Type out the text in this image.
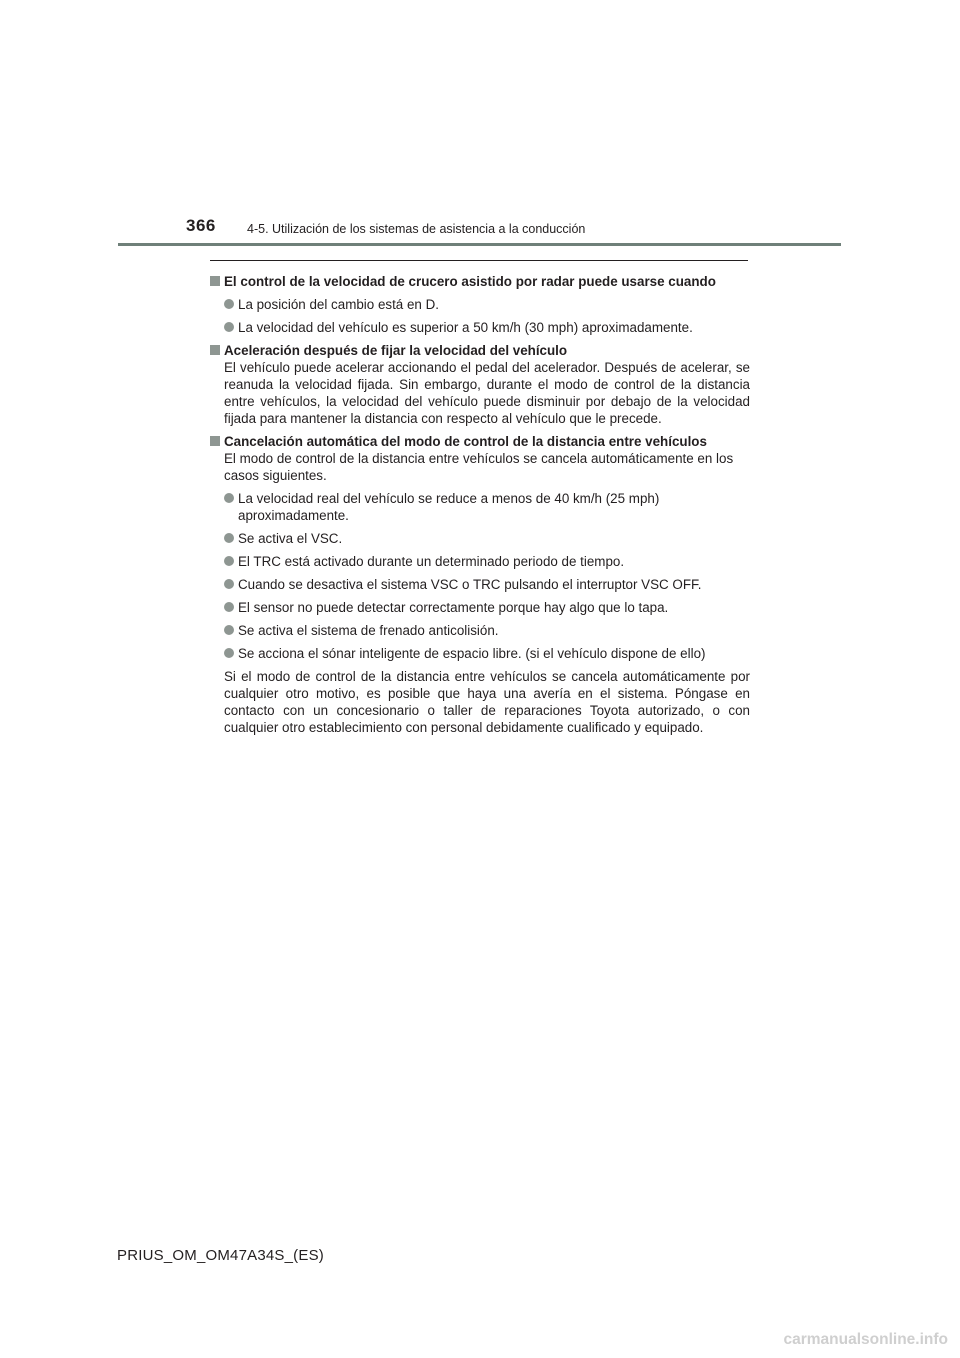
366 4-5. Utilización de los sistemas de asistencia a la conducción
El control de la velocidad de crucero asistido por radar puede usarse cuando
La posición del cambio está en D.
La velocidad del vehículo es superior a 50 km/h (30 mph) aproximadamente.
Aceleración después de fijar la velocidad del vehículo
El vehículo puede acelerar accionando el pedal del acelerador. Después de acelerar, se reanuda la velocidad fijada. Sin embargo, durante el modo de control de la distancia entre vehículos, la velocidad del vehículo puede disminuir por debajo de la velocidad fijada para mantener la distancia con respecto al vehículo que le precede.
Cancelación automática del modo de control de la distancia entre vehículos
El modo de control de la distancia entre vehículos se cancela automáticamente en los casos siguientes.
La velocidad real del vehículo se reduce a menos de 40 km/h (25 mph) aproximadamente.
Se activa el VSC.
El TRC está activado durante un determinado periodo de tiempo.
Cuando se desactiva el sistema VSC o TRC pulsando el interruptor VSC OFF.
El sensor no puede detectar correctamente porque hay algo que lo tapa.
Se activa el sistema de frenado anticolisión.
Se acciona el sónar inteligente de espacio libre. (si el vehículo dispone de ello)
Si el modo de control de la distancia entre vehículos se cancela automáticamente por cualquier otro motivo, es posible que haya una avería en el sistema. Póngase en contacto con un concesionario o taller de reparaciones Toyota autorizado, o con cualquier otro establecimiento con personal debidamente cualificado y equipado.
PRIUS_OM_OM47A34S_(ES)
carmanualsonline.info
